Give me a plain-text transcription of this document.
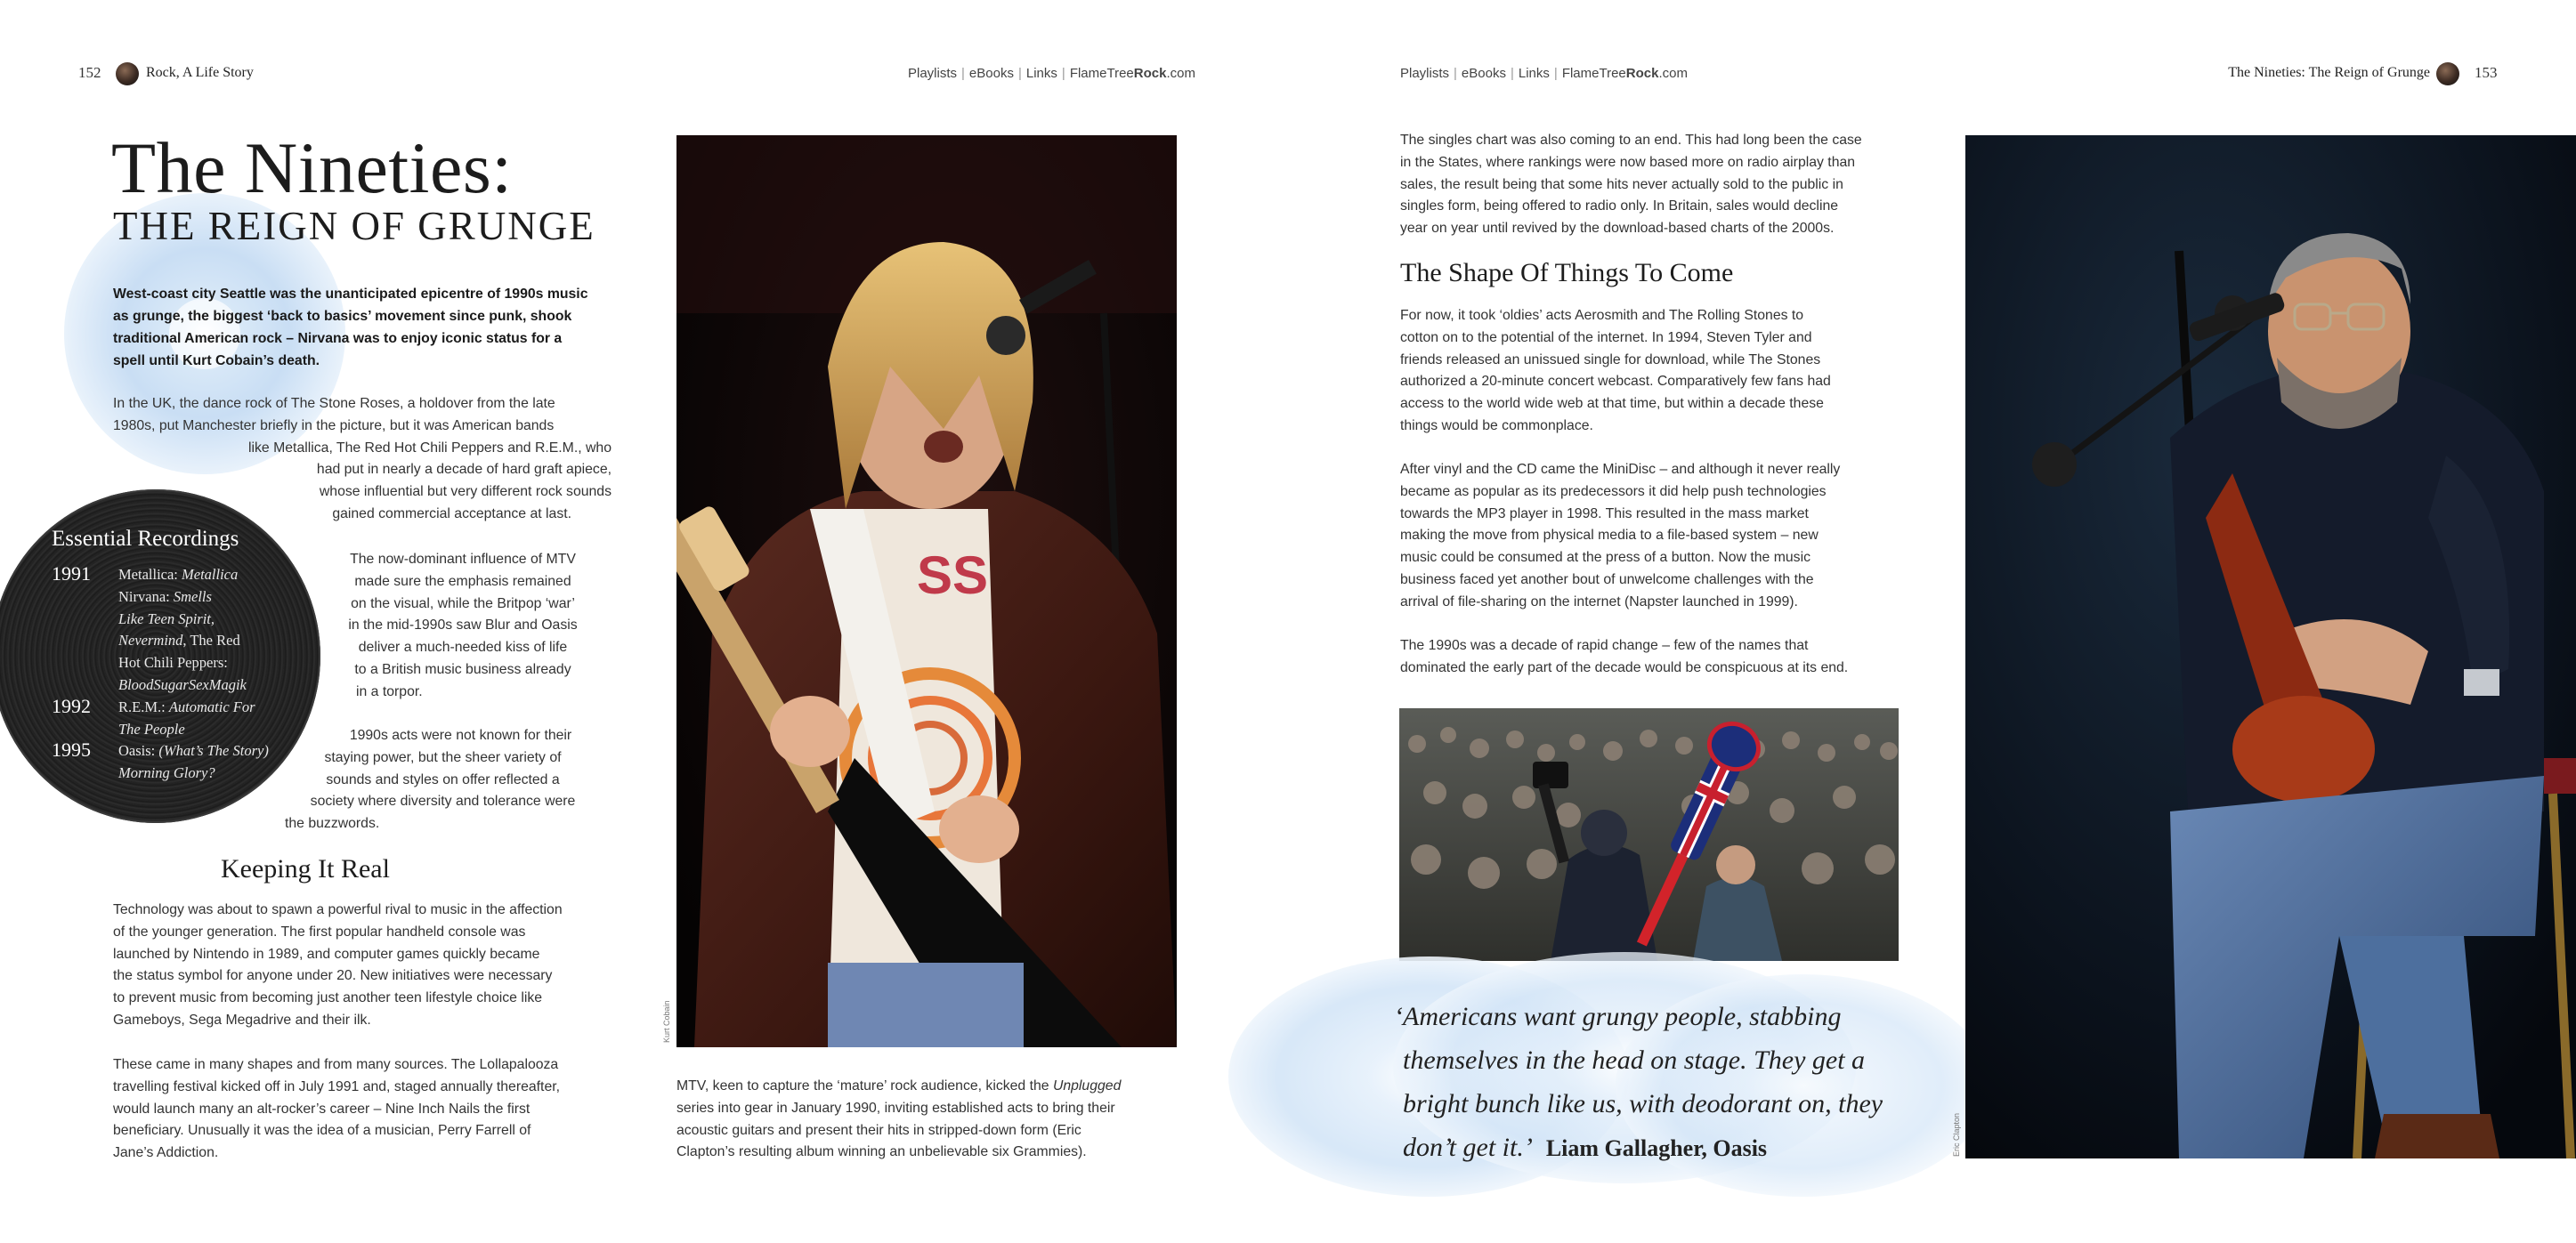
152	Rock, A Life Story	Playlists | eBooks | Links | FlameTreeRock.com	Playlists | eBooks | Links | FlameTreeRock.com	The Nineties: The Reign of Grunge	153
The Nineties:
THE REIGN OF GRUNGE
West-coast city Seattle was the unanticipated epicentre of 1990s music
as grunge, the biggest ‘back to basics’ movement since punk, shook
traditional American rock – Nirvana was to enjoy iconic status for a
spell until Kurt Cobain’s death.
In the UK, the dance rock of The Stone Roses, a holdover from the late
1980s, put Manchester briefly in the picture, but it was American bands
like Metallica, The Red Hot Chili Peppers and R.E.M., who
had put in nearly a decade of hard graft apiece,
whose influential but very different rock sounds
gained commercial acceptance at last.
Essential Recordings
1991 Metallica: Metallica
Nirvana: Smells
Like Teen Spirit,
Nevermind, The Red
Hot Chili Peppers:
BloodSugarSexMagik
1992 R.E.M.: Automatic For
The People
1995 Oasis: (What’s The Story)
Morning Glory?
The now-dominant influence of MTV
made sure the emphasis remained
on the visual, while the Britpop ‘war’
in the mid-1990s saw Blur and Oasis
deliver a much-needed kiss of life
to a British music business already
in a torpor.
1990s acts were not known for their
staying power, but the sheer variety of
sounds and styles on offer reflected a
society where diversity and tolerance were
the buzzwords.
Keeping It Real
Technology was about to spawn a powerful rival to music in the affection
of the younger generation. The first popular handheld console was
launched by Nintendo in 1989, and computer games quickly became
the status symbol for anyone under 20. New initiatives were necessary
to prevent music from becoming just another teen lifestyle choice like
Gameboys, Sega Megadrive and their ilk.
These came in many shapes and from many sources. The Lollapalooza
travelling festival kicked off in July 1991 and, staged annually thereafter,
would launch many an alt-rocker’s career – Nine Inch Nails the first
beneficiary. Unusually it was the idea of a musician, Perry Farrell of
Jane’s Addiction.
SS
Kurt Cobain
MTV, keen to capture the ‘mature’ rock audience, kicked the Unplugged
series into gear in January 1990, inviting established acts to bring their
acoustic guitars and present their hits in stripped-down form (Eric
Clapton’s resulting album winning an unbelievable six Grammies).
The singles chart was also coming to an end. This had long been the case
in the States, where rankings were now based more on radio airplay than
sales, the result being that some hits never actually sold to the public in
singles form, being offered to radio only. In Britain, sales would decline
year on year until revived by the download-based charts of the 2000s.
The Shape Of Things To Come
For now, it took ‘oldies’ acts Aerosmith and The Rolling Stones to
cotton on to the potential of the internet. In 1994, Steven Tyler and
friends released an unissued single for download, while The Stones
authorized a 20-minute concert webcast. Comparatively few fans had
access to the world wide web at that time, but within a decade these
things would be commonplace.
After vinyl and the CD came the MiniDisc – and although it never really
became as popular as its predecessors it did help push technologies
towards the MP3 player in 1998. This resulted in the mass market
making the move from physical media to a file-based system – new
music could be consumed at the press of a button. Now the music
business faced yet another bout of unwelcome challenges with the
arrival of file-sharing on the internet (Napster launched in 1999).
The 1990s was a decade of rapid change – few of the names that
dominated the early part of the decade would be conspicuous at its end.
‘Americans want grungy people, stabbing
themselves in the head on stage. They get a
bright bunch like us, with deodorant on, they
don’t get it.’ Liam Gallagher, Oasis	Eric Clapton
